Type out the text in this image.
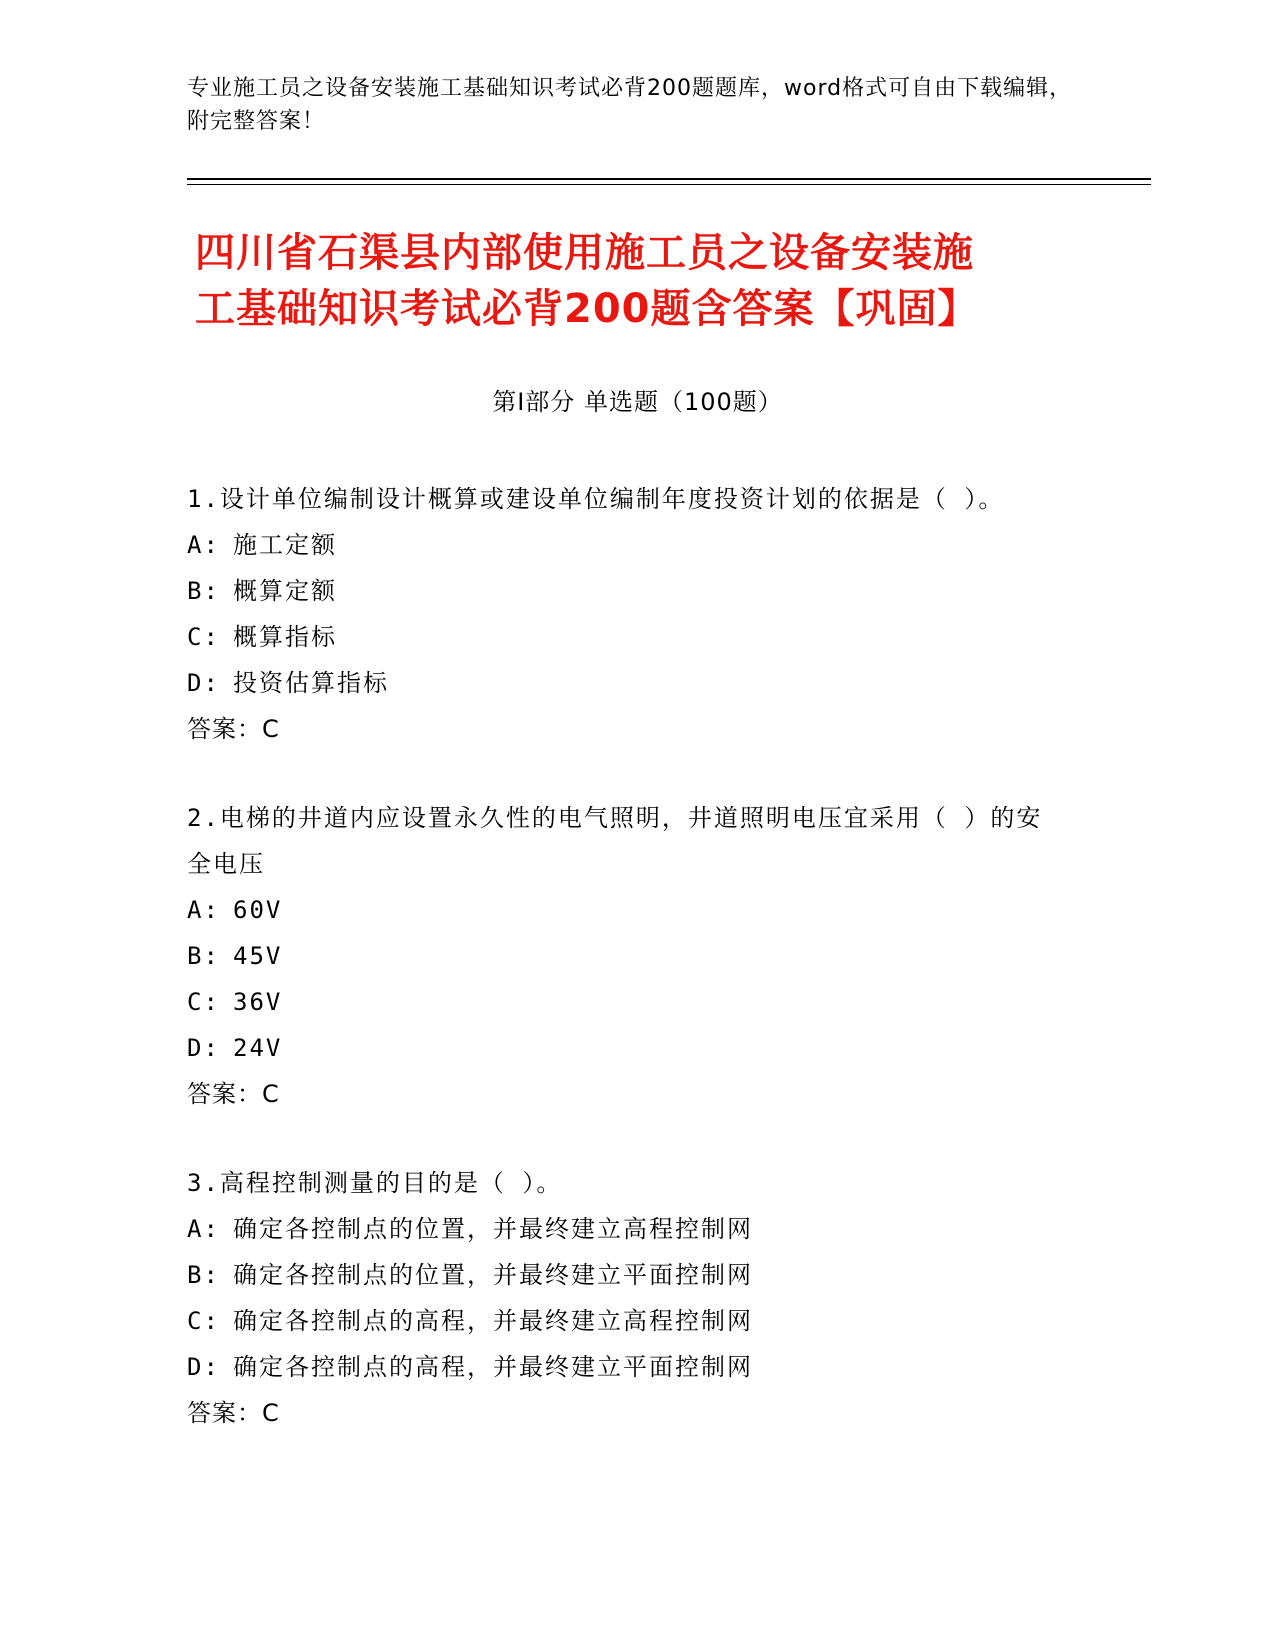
专业施工员之设备安装施工基础知识考试必背200题题库，word格式可自由下载编辑，附完整答案！
四川省石渠县内部使用施工员之设备安装施
工基础知识考试必背200题含答案【巩固】
第Ⅰ部分 单选题（100题）

1.设计单位编制设计概算或建设单位编制年度投资计划的依据是（ ）。

A: 施工定额
B: 概算定额
C: 概算指标
D: 投资估算指标
答案：C

2.电梯的井道内应设置永久性的电气照明，井道照明电压宜采用（ ）的安全电压

A: 60V
B: 45V
C: 36V
D: 24V
答案：C

3.高程控制测量的目的是（ ）。

A: 确定各控制点的位置，并最终建立高程控制网
B: 确定各控制点的位置，并最终建立平面控制网
C: 确定各控制点的高程，并最终建立高程控制网
D: 确定各控制点的高程，并最终建立平面控制网
答案：C
